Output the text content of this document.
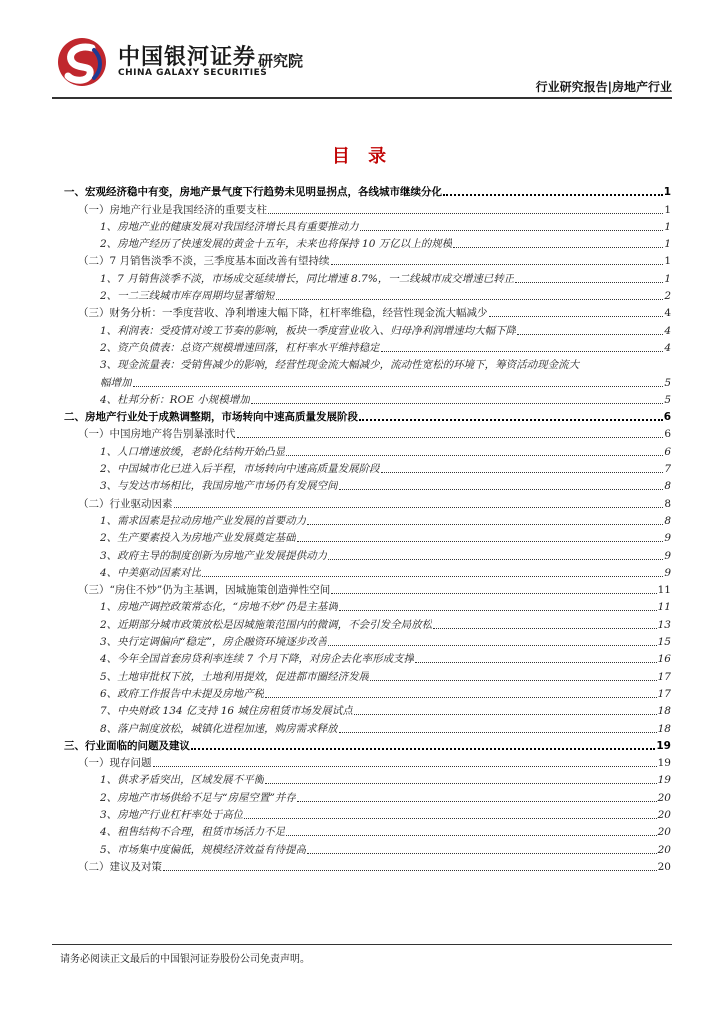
中国银河证券
CHINA GALAXY SECURITIES
研究院
行业研究报告|房地产行业
目 录
一、宏观经济稳中有变，房地产景气度下行趋势未见明显拐点，各线城市继续分化	1
（一）房地产行业是我国经济的重要支柱	1
1、房地产业的健康发展对我国经济增长具有重要推动力	1
2、房地产经历了快速发展的黄金十五年，未来也将保持 10 万亿以上的规模	1
（二）7 月销售淡季不淡，三季度基本面改善有望持续	1
1、7 月销售淡季不淡，市场成交延续增长，同比增速 8.7%，一二线城市成交增速已转正	1
2、一二三线城市库存周期均显著缩短	2
（三）财务分析：一季度营收、净利增速大幅下降，杠杆率维稳，经营性现金流大幅减少	4
1、利润表：受疫情对竣工节奏的影响，板块一季度营业收入、归母净利润增速均大幅下降	4
2、资产负债表：总资产规模增速回落，杠杆率水平维持稳定	4
3、现金流量表：受销售减少的影响，经营性现金流大幅减少，流动性宽松的环境下，筹资活动现金流大
幅增加	5
4、杜邦分析：ROE 小规模增加	5
二、房地产行业处于成熟调整期，市场转向中速高质量发展阶段	6
（一）中国房地产将告别暴涨时代	6
1、人口增速放缓，老龄化结构开始凸显	6
2、中国城市化已进入后半程，市场转向中速高质量发展阶段	7
3、与发达市场相比，我国房地产市场仍有发展空间	8
（二）行业驱动因素	8
1、需求因素是拉动房地产业发展的首要动力	8
2、生产要素投入为房地产业发展奠定基础	9
3、政府主导的制度创新为房地产业发展提供动力	9
4、中美驱动因素对比	9
（三）“房住不炒”仍为主基调，因城施策创造弹性空间	11
1、房地产调控政策常态化，“房地不炒”仍是主基调	11
2、近期部分城市政策放松是因城施策范围内的微调，不会引发全局放松	13
3、央行定调偏向“稳定”，房企融资环境逐步改善	15
4、今年全国首套房贷利率连续 7 个月下降，对房企去化率形成支撑	16
5、土地审批权下放，土地利用提效，促进都市圈经济发展	17
6、政府工作报告中未提及房地产税	17
7、中央财政 134 亿支持 16 城住房租赁市场发展试点	18
8、落户制度放松，城镇化进程加速，购房需求释放	18
三、行业面临的问题及建议	19
（一）现存问题	19
1、供求矛盾突出，区域发展不平衡	19
2、房地产市场供给不足与“房屋空置”并存	20
3、房地产行业杠杆率处于高位	20
4、租售结构不合理，租赁市场活力不足	20
5、市场集中度偏低，规模经济效益有待提高	20
（二）建议及对策	20
请务必阅读正文最后的中国银河证券股份公司免责声明。
